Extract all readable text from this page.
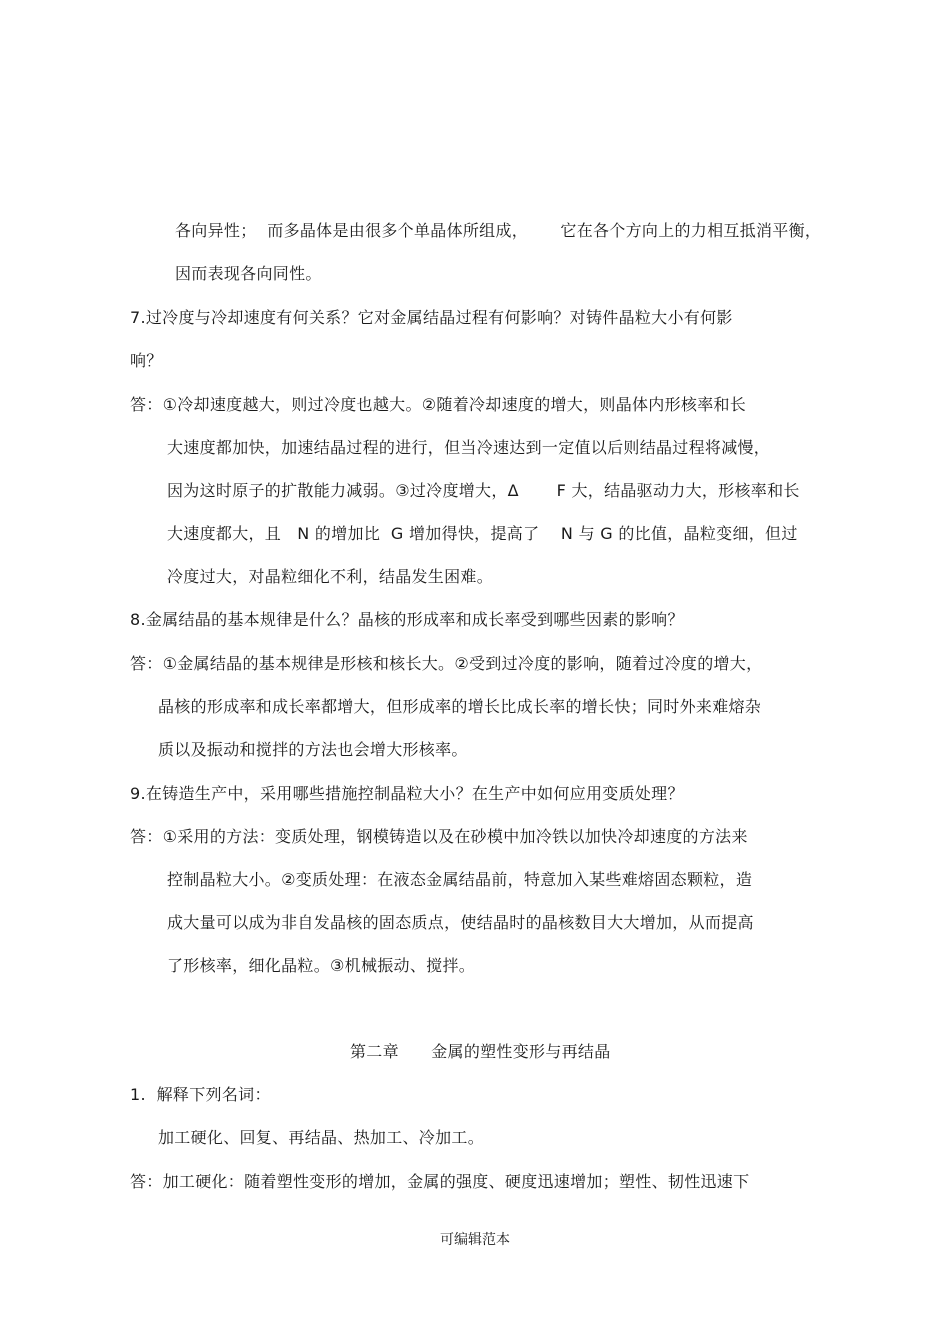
各向异性；  而多晶体是由很多个单晶体所组成，      它在各个方向上的力相互抵消平衡，
因而表现各向同性。
7.过冷度与冷却速度有何关系？它对金属结晶过程有何影响？对铸件晶粒大小有何影
响？
答：①冷却速度越大，则过冷度也越大。②随着冷却速度的增大，则晶体内形核率和长
大速度都加快，加速结晶过程的进行，但当冷速达到一定值以后则结晶过程将减慢，
因为这时原子的扩散能力减弱。③过冷度增大，Δ       F 大，结晶驱动力大，形核率和长
大速度都大，且   N 的增加比  G 增加得快，提高了    N 与 G 的比值，晶粒变细，但过
冷度过大，对晶粒细化不利，结晶发生困难。
8.金属结晶的基本规律是什么？晶核的形成率和成长率受到哪些因素的影响？
答：①金属结晶的基本规律是形核和核长大。②受到过冷度的影响，随着过冷度的增大，
晶核的形成率和成长率都增大，但形成率的增长比成长率的增长快；同时外来难熔杂
质以及振动和搅拌的方法也会增大形核率。
9.在铸造生产中，采用哪些措施控制晶粒大小？在生产中如何应用变质处理？
答：①采用的方法：变质处理，钢模铸造以及在砂模中加冷铁以加快冷却速度的方法来
控制晶粒大小。②变质处理：在液态金属结晶前，特意加入某些难熔固态颗粒，造
成大量可以成为非自发晶核的固态质点，使结晶时的晶核数目大大增加，从而提高
了形核率，细化晶粒。③机械振动、搅拌。
第二章      金属的塑性变形与再结晶
1.  解释下列名词：
加工硬化、回复、再结晶、热加工、冷加工。
答：加工硬化：随着塑性变形的增加，金属的强度、硬度迅速增加；塑性、韧性迅速下
可编辑范本
